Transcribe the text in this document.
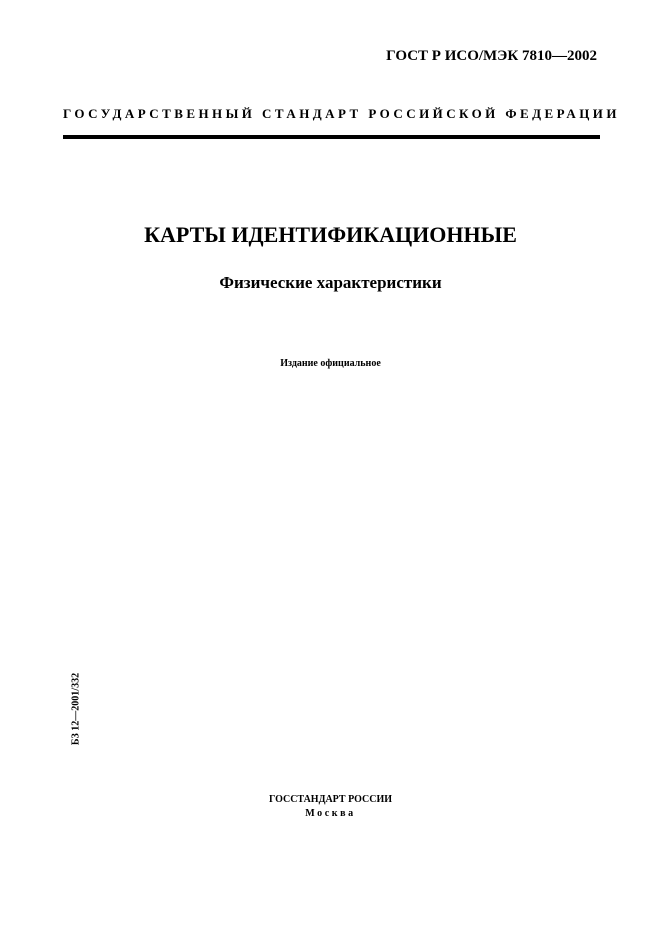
ГОСТ Р ИСО/МЭК 7810—2002
ГОСУДАРСТВЕННЫЙ СТАНДАРТ РОССИЙСКОЙ ФЕДЕРАЦИИ
КАРТЫ ИДЕНТИФИКАЦИОННЫЕ
Физические характеристики
Издание официальное
БЗ 12—2001/332
ГОССТАНДАРТ РОССИИ
Москва
